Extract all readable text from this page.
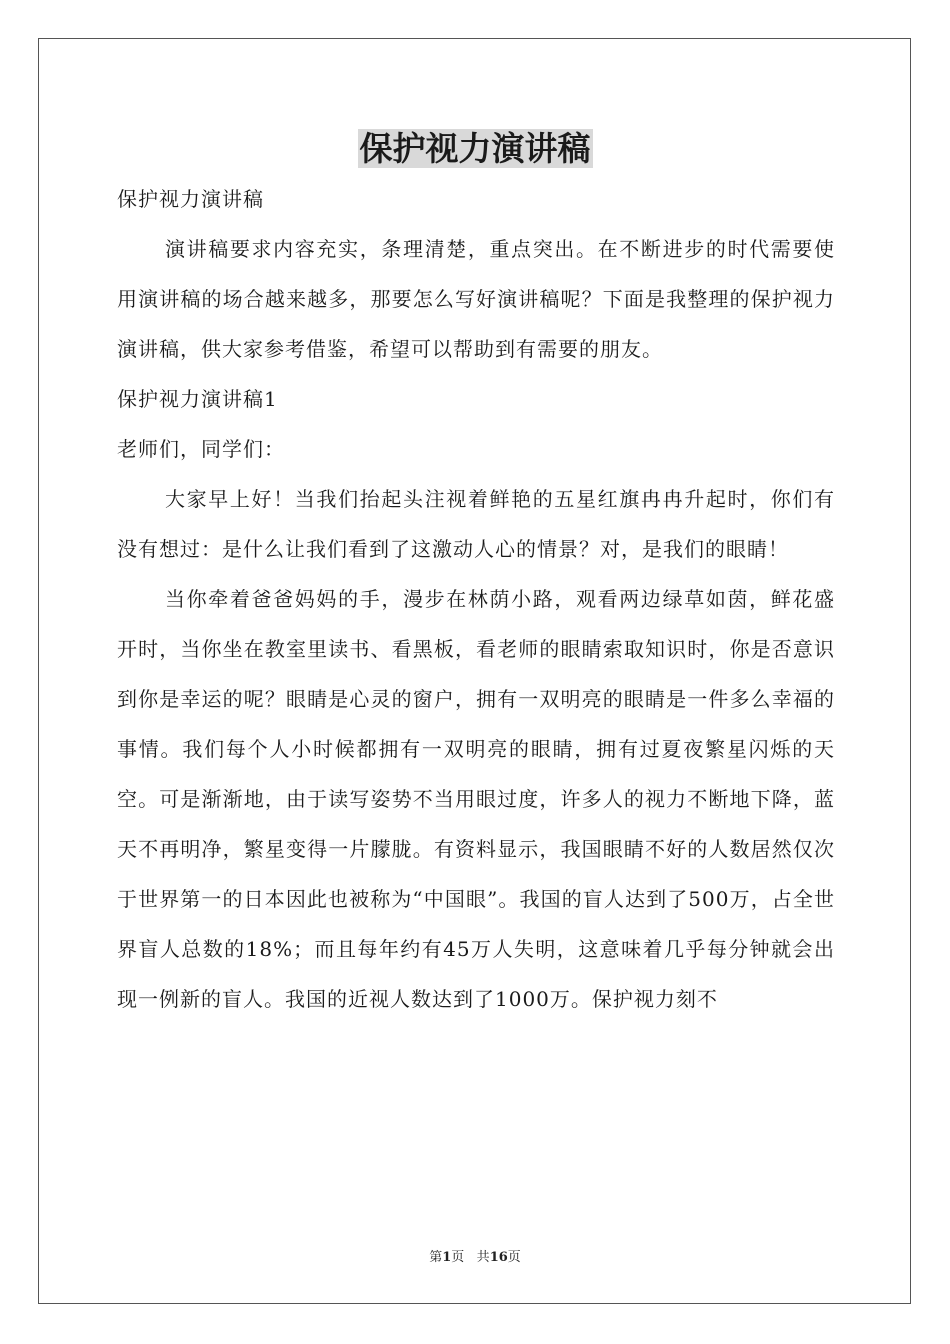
保护视力演讲稿

保护视力演讲稿

演讲稿要求内容充实，条理清楚，重点突出。在不断进步的时代需要使用演讲稿的场合越来越多，那要怎么写好演讲稿呢？下面是我整理的保护视力演讲稿，供大家参考借鉴，希望可以帮助到有需要的朋友。

保护视力演讲稿1

老师们，同学们：

大家早上好！当我们抬起头注视着鲜艳的五星红旗冉冉升起时，你们有没有想过：是什么让我们看到了这激动人心的情景？对，是我们的眼睛！

当你牵着爸爸妈妈的手，漫步在林荫小路，观看两边绿草如茵，鲜花盛开时，当你坐在教室里读书、看黑板，看老师的眼睛索取知识时，你是否意识到你是幸运的呢？眼睛是心灵的窗户，拥有一双明亮的眼睛是一件多么幸福的事情。我们每个人小时候都拥有一双明亮的眼睛，拥有过夏夜繁星闪烁的天空。可是渐渐地，由于读写姿势不当用眼过度，许多人的视力不断地下降，蓝天不再明净，繁星变得一片朦胧。有资料显示，我国眼睛不好的人数居然仅次于世界第一的日本因此也被称为“中国眼”。我国的盲人达到了500万，占全世界盲人总数的18%；而且每年约有45万人失明，这意味着几乎每分钟就会出现一例新的盲人。我国的近视人数达到了1000万。保护视力刻不

第1页 共16页
